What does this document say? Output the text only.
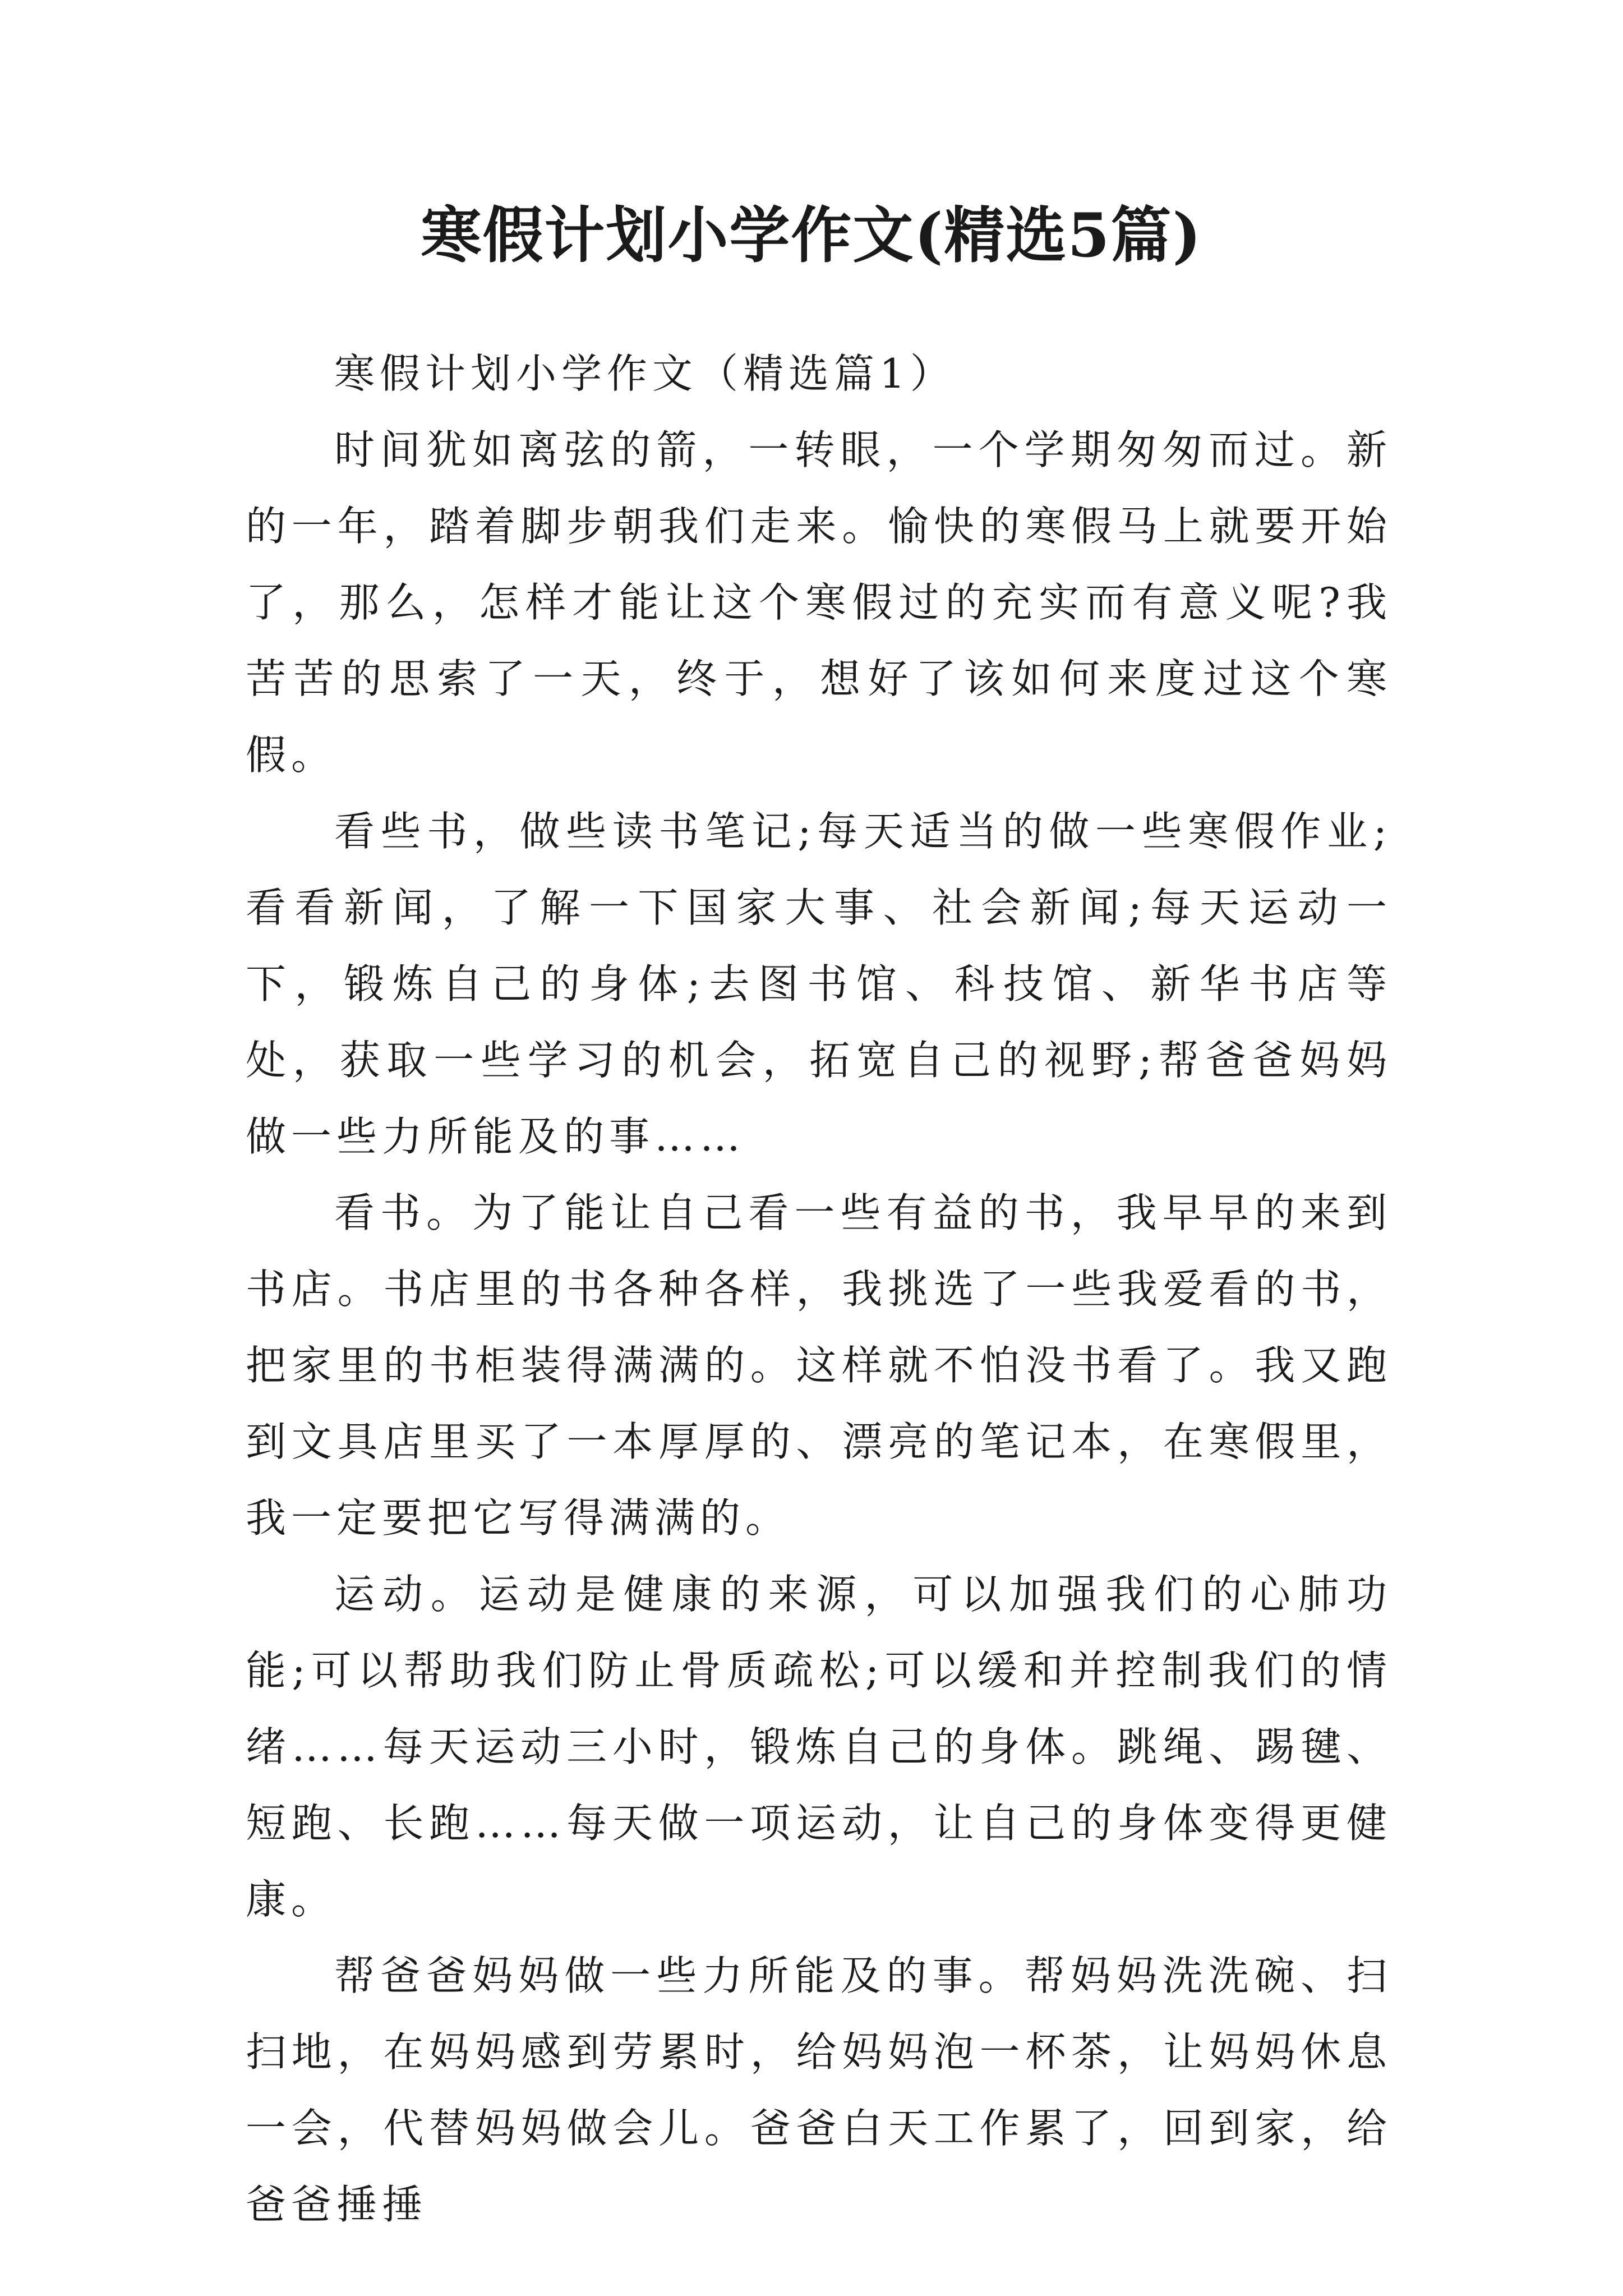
寒假计划小学作文(精选5篇)

寒假计划小学作文（精选篇1）

时间犹如离弦的箭，一转眼，一个学期匆匆而过。新的一年，踏着脚步朝我们走来。愉快的寒假马上就要开始了，那么，怎样才能让这个寒假过的充实而有意义呢?我苦苦的思索了一天，终于，想好了该如何来度过这个寒假。

看些书，做些读书笔记;每天适当的做一些寒假作业;看看新闻，了解一下国家大事、社会新闻;每天运动一下，锻炼自己的身体;去图书馆、科技馆、新华书店等处，获取一些学习的机会，拓宽自己的视野;帮爸爸妈妈做一些力所能及的事……

看书。为了能让自己看一些有益的书，我早早的来到书店。书店里的书各种各样，我挑选了一些我爱看的书，把家里的书柜装得满满的。这样就不怕没书看了。我又跑到文具店里买了一本厚厚的、漂亮的笔记本，在寒假里，我一定要把它写得满满的。

运动。运动是健康的来源，可以加强我们的心肺功能;可以帮助我们防止骨质疏松;可以缓和并控制我们的情绪……每天运动三小时，锻炼自己的身体。跳绳、踢毽、短跑、长跑……每天做一项运动，让自己的身体变得更健康。

帮爸爸妈妈做一些力所能及的事。帮妈妈洗洗碗、扫扫地，在妈妈感到劳累时，给妈妈泡一杯茶，让妈妈休息一会，代替妈妈做会儿。爸爸白天工作累了，回到家，给爸爸捶捶
